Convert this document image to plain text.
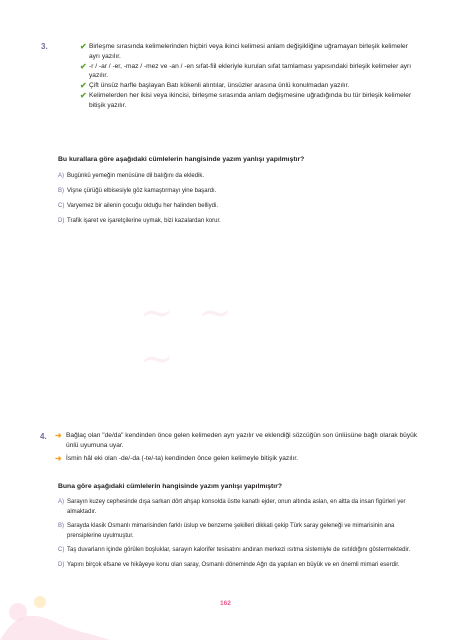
3.	✔ Birleşme sırasında kelimelerinden hiçbiri veya ikinci kelimesi anlam değişikliğine uğramayan birleşik kelimeler ayrı yazılır.
✔ -r / -ar / -er, -maz / -mez ve -an / -en sıfat-fiil ekleriyle kurulan sıfat tamlaması yapısındaki birleşik kelimeler ayrı yazılır.
✔ Çift ünsüz harfle başlayan Batı kökenli alıntılar, ünsüzler arasına ünlü konulmadan yazılır.
✔ Kelimelerden her ikisi veya ikincisi, birleşme sırasında anlam değişmesine uğradığında bu tür birleşik kelimeler bitişik yazılır.
Bu kurallara göre aşağıdaki cümlelerin hangisinde yazım yanlışı yapılmıştır?
A) Bugünkü yemeğin menüsüne dil balığını da ekledik.
B) Vişne çürüğü elbisesiyle göz kamaştırmayı yine başardı.
C) Varyemez bir ailenin çocuğu olduğu her halinden belliydi.
D) Trafik işaret ve işaretçilerine uymak, bizi kazalardan korur.
~ ~ ~
4. ➜ Bağlaç olan "de/da" kendinden önce gelen kelimeden ayrı yazılır ve eklendiği sözcüğün son ünlüsüne bağlı olarak büyük ünlü uyumuna uyar.
➜ İsmin hâl eki olan -de/-da (-te/-ta) kendinden önce gelen kelimeyle bitişik yazılır.
Buna göre aşağıdaki cümlelerin hangisinde yazım yanlışı yapılmıştır?
A) Sarayın kuzey cephesinde dışa sarkan dört ahşap konsolda üstte kanatlı ejder, onun altında aslan, en altta da insan figürleri yer almaktadır.
B) Sarayda klasik Osmanlı mimarisinden farklı üslup ve benzeme şekilleri dikkati çekip Türk saray geleneği ve mimarisinin ana prensiplerine uyulmuştur.
C) Taş duvarların içinde görülen boşluklar, sarayın kalorifer tesisatını andıran merkezi ısıtma sistemiyle de ısıtıldığını göstermektedir.
D) Yapını birçok efsane ve hikâyeye konu olan saray, Osmanlı döneminde Ağrı da yapılan en büyük ve en önemli mimari eserdir.
162
